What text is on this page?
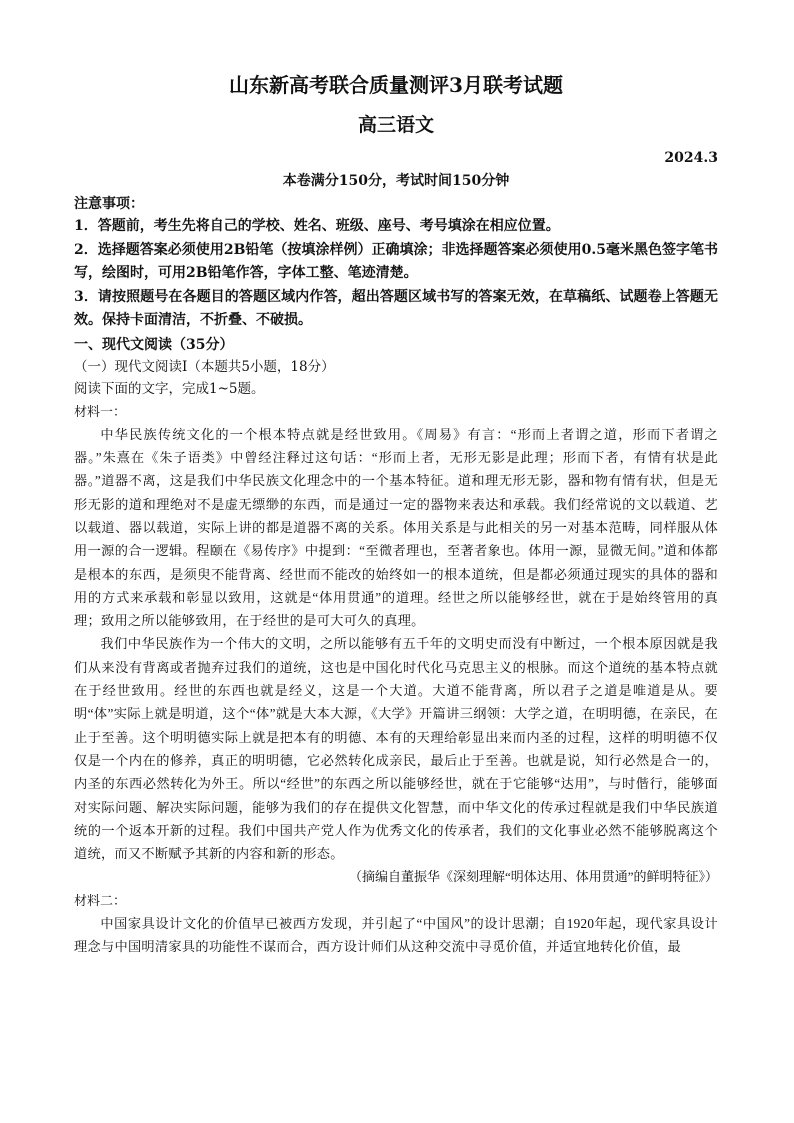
山东新高考联合质量测评3月联考试题
高三语文
2024.3
本卷满分150分，考试时间150分钟
注意事项：

1．答题前，考生先将自己的学校、姓名、班级、座号、考号填涂在相应位置。

2．选择题答案必须使用2B铅笔（按填涂样例）正确填涂；非选择题答案必须使用0.5毫米黑色签字笔书写，绘图时，可用2B铅笔作答，字体工整、笔迹清楚。

3．请按照题号在各题目的答题区域内作答，超出答题区域书写的答案无效，在草稿纸、试题卷上答题无效。保持卡面清洁，不折叠、不破损。

一、现代文阅读（35分）
（一）现代文阅读Ⅰ（本题共5小题，18分）
阅读下面的文字，完成1~5题。
材料一：

中华民族传统文化的一个根本特点就是经世致用。《周易》有言：“形而上者谓之道，形而下者谓之器。”朱熹在《朱子语类》中曾经注释过这句话：“形而上者，无形无影是此理；形而下者，有情有状是此器。”道器不离，这是我们中华民族文化理念中的一个基本特征。道和理无形无影，器和物有情有状，但是无形无影的道和理绝对不是虚无缥缈的东西，而是通过一定的器物来表达和承载。我们经常说的文以载道、艺以载道、器以载道，实际上讲的都是道器不离的关系。体用关系是与此相关的另一对基本范畴，同样服从体用一源的合一逻辑。程颐在《易传序》中提到：“至微者理也，至著者象也。体用一源，显微无间。”道和体都是根本的东西，是须臾不能背离、经世而不能改的始终如一的根本道统，但是都必须通过现实的具体的器和用的方式来承载和彰显以致用，这就是“体用贯通”的道理。经世之所以能够经世，就在于是始终管用的真理；致用之所以能够致用，在于经世的是可大可久的真理。

我们中华民族作为一个伟大的文明，之所以能够有五千年的文明史而没有中断过，一个根本原因就是我们从来没有背离或者抛弃过我们的道统，这也是中国化时代化马克思主义的根脉。而这个道统的基本特点就在于经世致用。经世的东西也就是经义，这是一个大道。大道不能背离，所以君子之道是唯道是从。要明“体”实际上就是明道，这个“体”就是大本大源，《大学》开篇讲三纲领：大学之道，在明明德，在亲民，在止于至善。这个明明德实际上就是把本有的明德、本有的天理给彰显出来而内圣的过程，这样的明明德不仅仅是一个内在的修养，真正的明明德，它必然转化成亲民，最后止于至善。也就是说，知行必然是合一的，内圣的东西必然转化为外王。所以“经世”的东西之所以能够经世，就在于它能够“达用”，与时偕行，能够面对实际问题、解决实际问题，能够为我们的存在提供文化智慧，而中华文化的传承过程就是我们中华民族道统的一个返本开新的过程。我们中国共产党人作为优秀文化的传承者，我们的文化事业必然不能够脱离这个道统，而又不断赋予其新的内容和新的形态。

（摘编自董振华《深刻理解“明体达用、体用贯通”的鲜明特征》）
材料二：

中国家具设计文化的价值早已被西方发现，并引起了“中国风”的设计思潮；自1920年起，现代家具设计理念与中国明清家具的功能性不谋而合，西方设计师们从这种交流中寻觅价值，并适宜地转化价值，最
